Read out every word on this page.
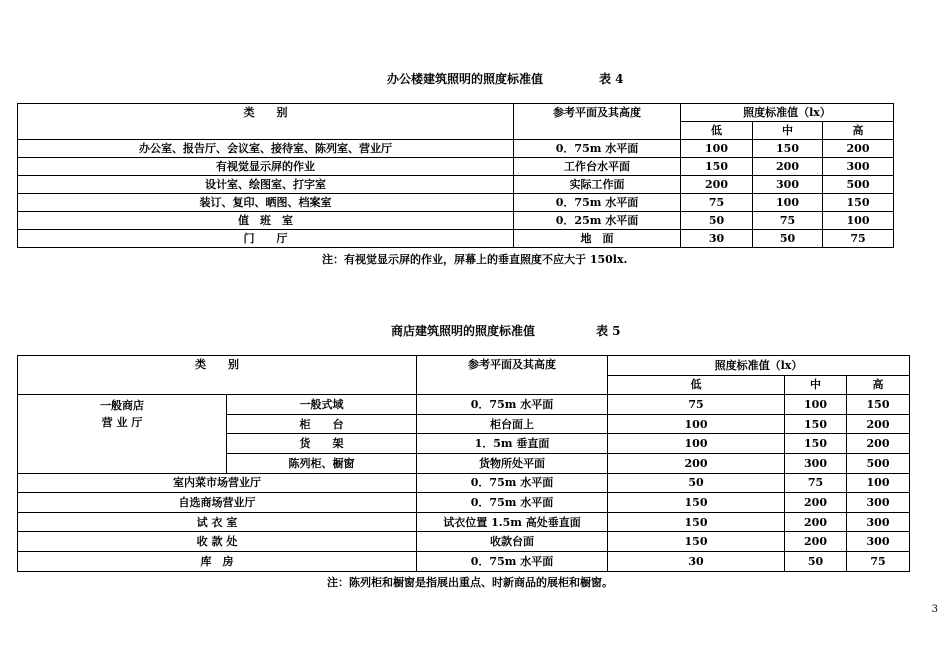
办公楼建筑照明的照度标准值	表 4
类　　别	参考平面及其高度	照度标准值（lx）		
		低	中	高
办公室、报告厅、会议室、接待室、陈列室、营业厅	0．75m 水平面	100	150	200
有视觉显示屏的作业	工作台水平面	150	200	300
设计室、绘图室、打字室	实际工作面	200	300	500
装订、复印、晒图、档案室	0．75m 水平面	75	100	150
值　班　室	0．25m 水平面	50	75	100
门　　厅	地　面	30	50	75
注：有视觉显示屏的作业，屏幕上的垂直照度不应大于 150lx.
商店建筑照明的照度标准值	表 5
类　　别		参考平面及其高度	照度标准值（lx）		
			低	中	高

一般商店
营 业 厅	一般式域	0．75m 水平面	75	100	150
	柜　　台	柜台面上	100	150	200
	货　　架	1．5m 垂直面	100	150	200
	陈列柜、橱窗	货物所处平面	200	300	500
室内菜市场营业厅		0．75m 水平面	50	75	100
自选商场营业厅		0．75m 水平面	150	200	300
试 衣 室		试衣位置 1.5m 高处垂直面	150	200	300
收 款 处		收款台面	150	200	300
库　房		0．75m 水平面	30	50	75
注：陈列柜和橱窗是指展出重点、时新商品的展柜和橱窗。
3
